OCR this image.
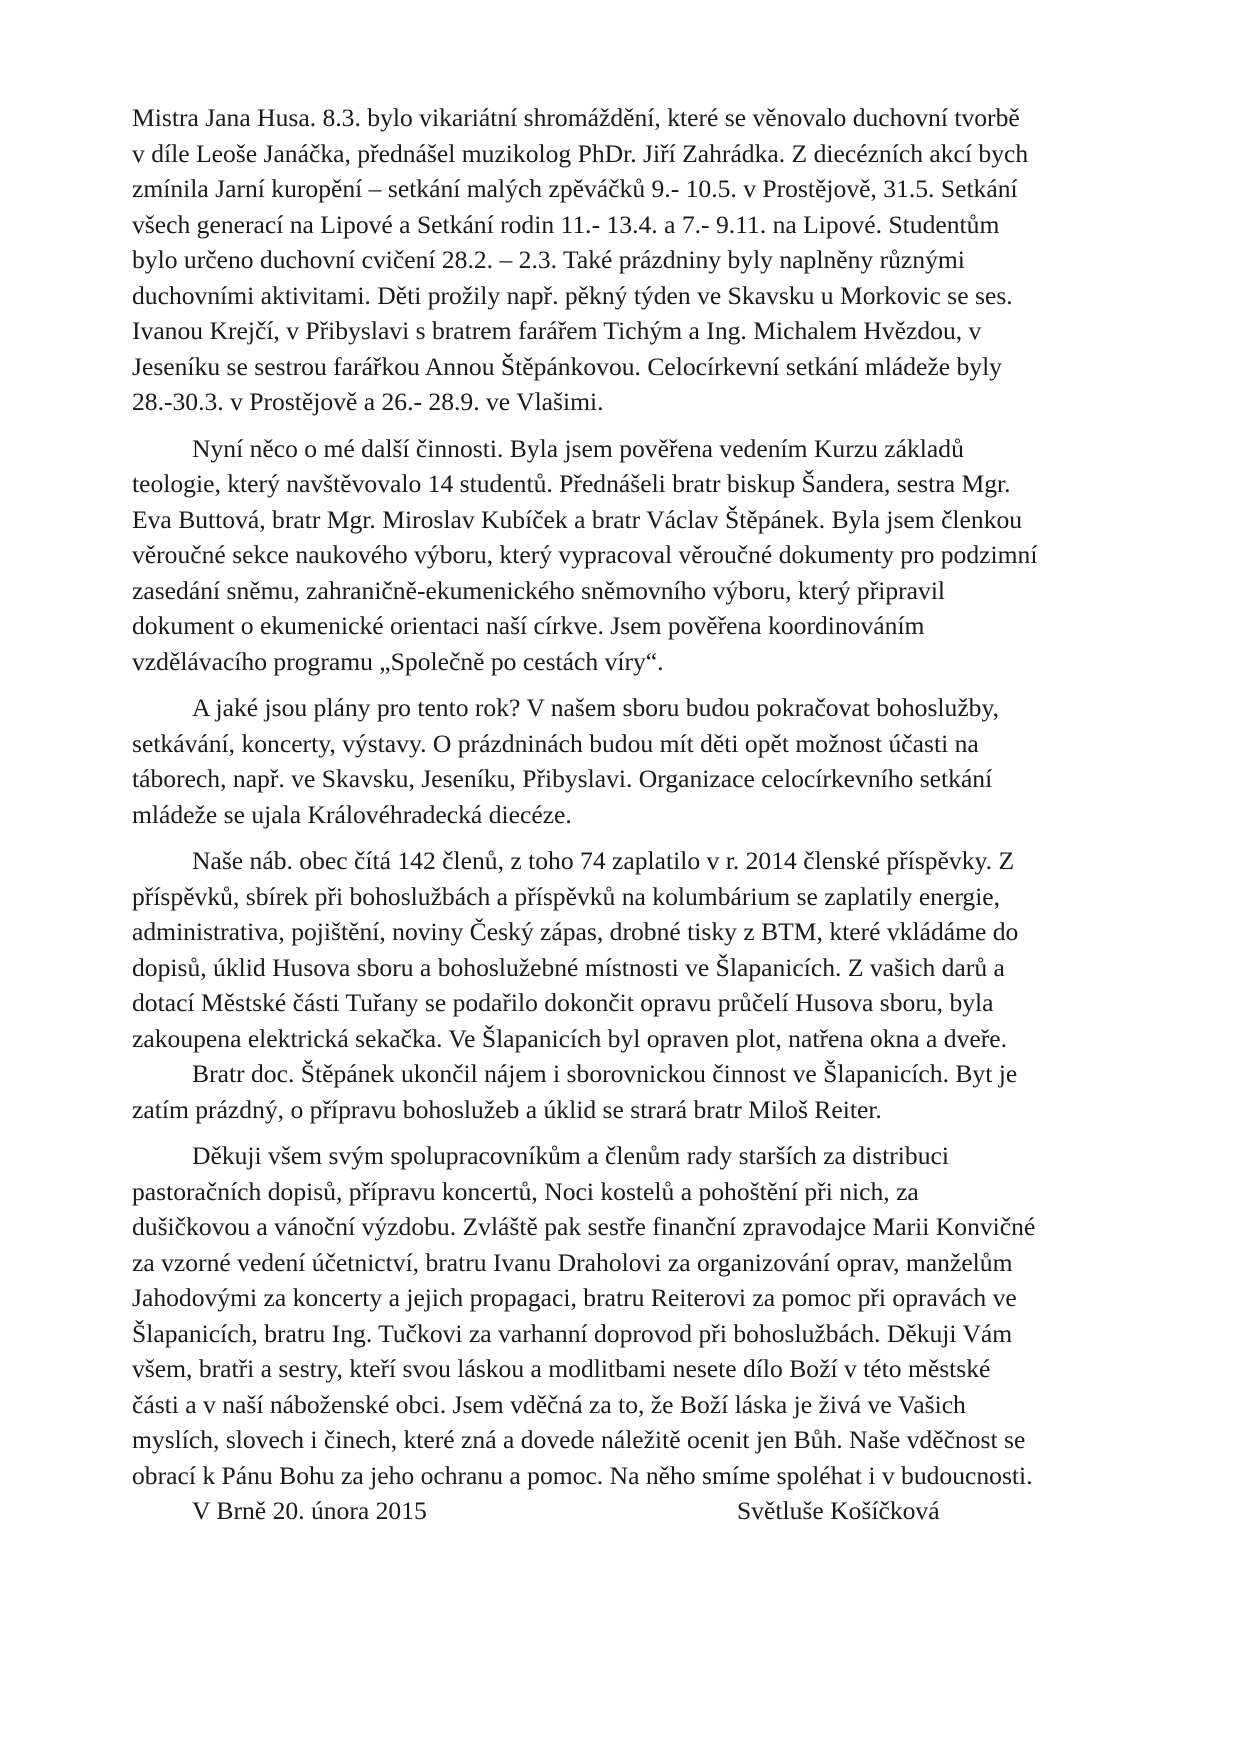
Mistra Jana Husa. 8.3. bylo vikariátní shromáždění, které se věnovalo duchovní tvorbě
v díle Leoše Janáčka, přednášel muzikolog PhDr. Jiří Zahrádka. Z diecézních akcí bych
zmínila Jarní kuropění – setkání malých zpěváčků 9.- 10.5. v Prostějově, 31.5. Setkání
všech generací na Lipové a Setkání rodin 11.- 13.4. a 7.- 9.11. na Lipové. Studentům
bylo určeno duchovní cvičení 28.2. – 2.3. Také prázdniny byly naplněny různými
duchovními aktivitami. Děti prožily např. pěkný týden ve Skavsku u Morkovic se ses.
Ivanou Krejčí, v Přibyslavi s bratrem farářem Tichým a Ing. Michalem Hvězdou, v
Jeseníku se sestrou farářkou Annou Štěpánkovou. Celocírkevní setkání mládeže byly
28.-30.3. v Prostějově a 26.- 28.9. ve Vlašimi.
Nyní něco o mé další činnosti. Byla jsem pověřena vedením Kurzu základů
teologie, který navštěvovalo 14 studentů. Přednášeli bratr biskup Šandera, sestra Mgr.
Eva Buttová, bratr Mgr. Miroslav Kubíček a bratr Václav Štěpánek. Byla jsem členkou
věroučné sekce naukového výboru, který vypracoval věroučné dokumenty pro podzimní
zasedání sněmu, zahraničně-ekumenického sněmovního výboru, který připravil
dokument o ekumenické orientaci naší církve. Jsem pověřena koordinováním
vzdělávacího programu „Společně po cestách víry“.
A jaké jsou plány pro tento rok? V našem sboru budou pokračovat bohoslužby,
setkávání, koncerty, výstavy. O prázdninách budou mít děti opět možnost účasti na
táborech, např. ve Skavsku, Jeseníku, Přibyslavi. Organizace celocírkevního setkání
mládeže se ujala Královéhradecká diecéze.
Naše náb. obec čítá 142 členů, z toho 74 zaplatilo v r. 2014 členské příspěvky. Z
příspěvků, sbírek při bohoslužbách a příspěvků na kolumbárium se zaplatily energie,
administrativa, pojištění, noviny Český zápas, drobné tisky z BTM, které vkládáme do
dopisů, úklid Husova sboru a bohoslužebné místnosti ve Šlapanicích. Z vašich darů a
dotací Městské části Tuřany se podařilo dokončit opravu průčelí Husova sboru, byla
zakoupena elektrická sekačka. Ve Šlapanicích byl opraven plot, natřena okna a dveře.
Bratr doc. Štěpánek ukončil nájem i sborovnickou činnost ve Šlapanicích. Byt je
zatím prázdný, o přípravu bohoslužeb a úklid se strará bratr Miloš Reiter.
Děkuji všem svým spolupracovníkům a členům rady starších za distribuci
pastoračních dopisů, přípravu koncertů, Noci kostelů a pohoštění při nich, za
dušičkovou a vánoční výzdobu. Zvláště pak sestře finanční zpravodajce Marii Konvičné
za vzorné vedení účetnictví, bratru Ivanu Draholovi za organizování oprav, manželům
Jahodovými za koncerty a jejich propagaci, bratru Reiterovi za pomoc při opravách ve
Šlapanicích, bratru Ing. Tučkovi za varhanní doprovod při bohoslužbách. Děkuji Vám
všem, bratři a sestry, kteří svou láskou a modlitbami nesete dílo Boží v této městské
části a v naší náboženské obci. Jsem vděčná za to, že Boží láska je živá ve Vašich
myslích, slovech i činech, které zná a dovede náležitě ocenit jen Bůh. Naše vděčnost se
obrací k Pánu Bohu za jeho ochranu a pomoc. Na něho smíme spoléhat i v budoucnosti.
V Brně 20. února 2015	Světluše Košíčková
